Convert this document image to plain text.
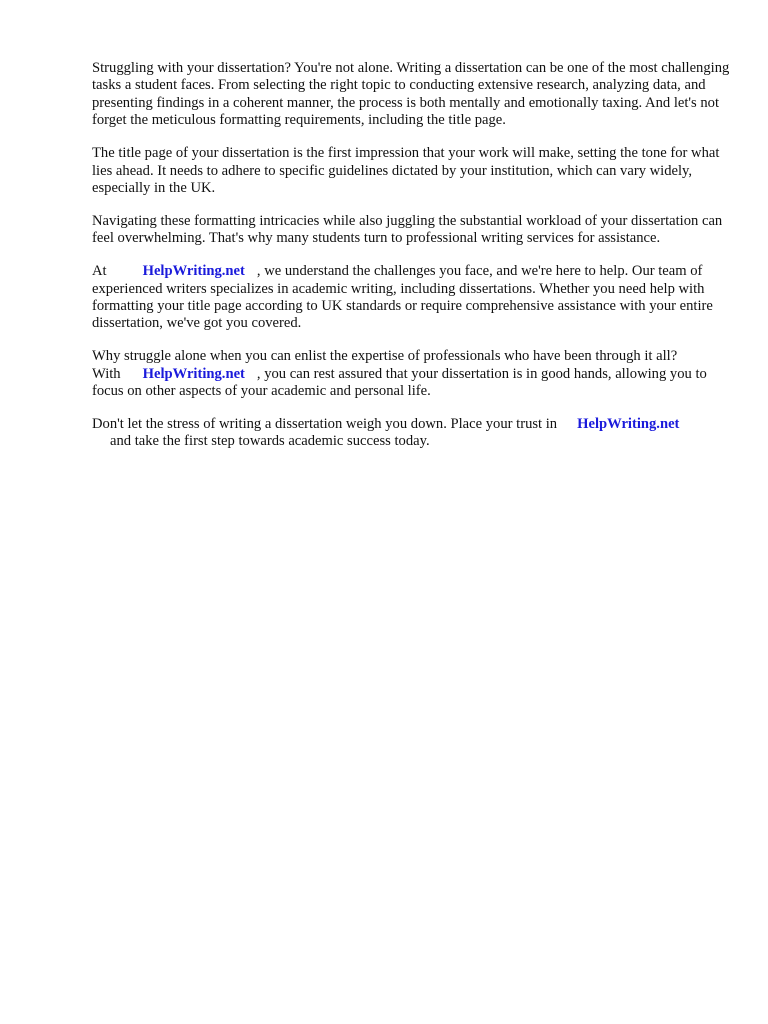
Struggling with your dissertation? You're not alone. Writing a dissertation can be one of the most challenging tasks a student faces. From selecting the right topic to conducting extensive research, analyzing data, and presenting findings in a coherent manner, the process is both mentally and emotionally taxing. And let's not forget the meticulous formatting requirements, including the title page.

The title page of your dissertation is the first impression that your work will make, setting the tone for what lies ahead. It needs to adhere to specific guidelines dictated by your institution, which can vary widely, especially in the UK.

Navigating these formatting intricacies while also juggling the substantial workload of your dissertation can feel overwhelming. That's why many students turn to professional writing services for assistance.

At HelpWriting.net , we understand the challenges you face, and we're here to help. Our team of experienced writers specializes in academic writing, including dissertations. Whether you need help with formatting your title page according to UK standards or require comprehensive assistance with your entire dissertation, we've got you covered.

Why struggle alone when you can enlist the expertise of professionals who have been through it all? With HelpWriting.net , you can rest assured that your dissertation is in good hands, allowing you to focus on other aspects of your academic and personal life.

Don't let the stress of writing a dissertation weigh you down. Place your trust in HelpWriting.net
and take the first step towards academic success today.
